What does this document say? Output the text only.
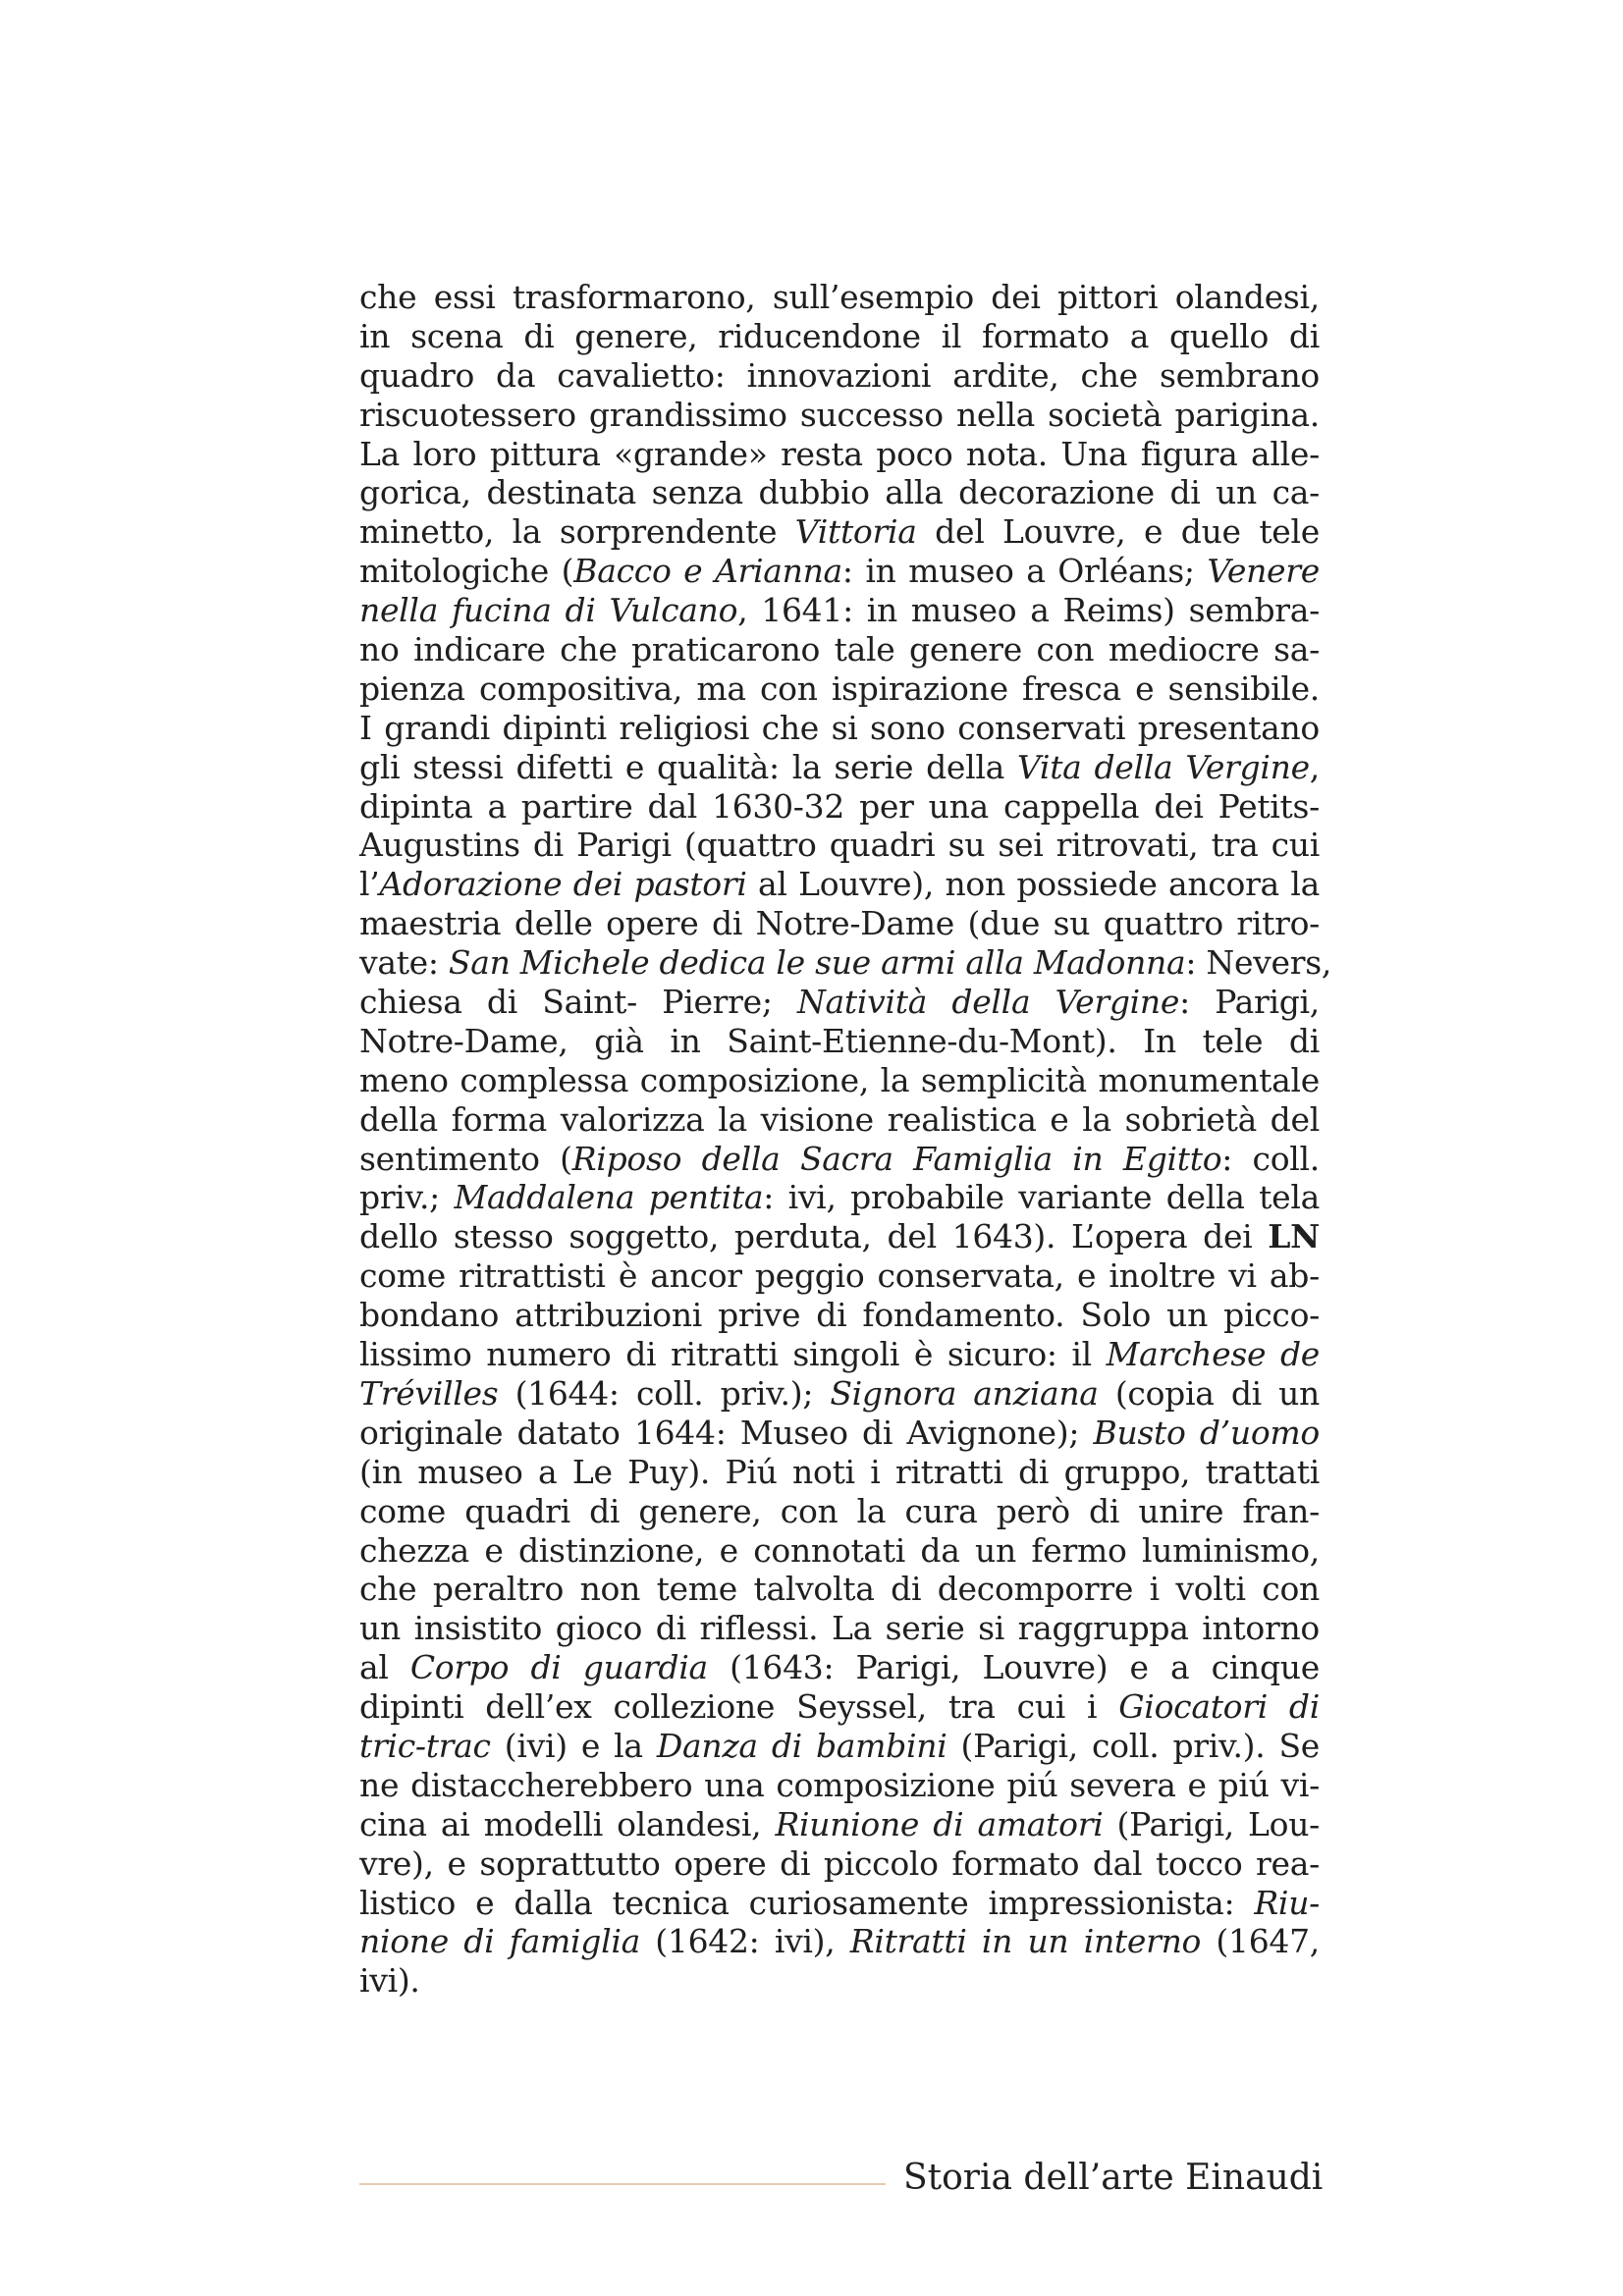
che essi trasformarono, sull’esempio dei pittori olandesi,
in scena di genere, riducendone il formato a quello di
quadro da cavalietto: innovazioni ardite, che sembrano
riscuotessero grandissimo successo nella società parigina.
La loro pittura «grande» resta poco nota. Una figura alle-
gorica, destinata senza dubbio alla decorazione di un ca-
minetto, la sorprendente Vittoria del Louvre, e due tele
mitologiche (Bacco e Arianna: in museo a Orléans; Venere
nella fucina di Vulcano, 1641: in museo a Reims) sembra-
no indicare che praticarono tale genere con mediocre sa-
pienza compositiva, ma con ispirazione fresca e sensibile.
I grandi dipinti religiosi che si sono conservati presentano
gli stessi difetti e qualità: la serie della Vita della Vergine,
dipinta a partire dal 1630-32 per una cappella dei Petits-
Augustins di Parigi (quattro quadri su sei ritrovati, tra cui
l’Adorazione dei pastori al Louvre), non possiede ancora la
maestria delle opere di Notre-Dame (due su quattro ritro-
vate: San Michele dedica le sue armi alla Madonna: Nevers,
chiesa di Saint- Pierre; Natività della Vergine: Parigi,
Notre-Dame, già in Saint-Etienne-du-Mont). In tele di
meno complessa composizione, la semplicità monumentale
della forma valorizza la visione realistica e la sobrietà del
sentimento (Riposo della Sacra Famiglia in Egitto: coll.
priv.; Maddalena pentita: ivi, probabile variante della tela
dello stesso soggetto, perduta, del 1643). L’opera dei LN
come ritrattisti è ancor peggio conservata, e inoltre vi ab-
bondano attribuzioni prive di fondamento. Solo un picco-
lissimo numero di ritratti singoli è sicuro: il Marchese de
Trévilles (1644: coll. priv.); Signora anziana (copia di un
originale datato 1644: Museo di Avignone); Busto d’uomo
(in museo a Le Puy). Piú noti i ritratti di gruppo, trattati
come quadri di genere, con la cura però di unire fran-
chezza e distinzione, e connotati da un fermo luminismo,
che peraltro non teme talvolta di decomporre i volti con
un insistito gioco di riflessi. La serie si raggruppa intorno
al Corpo di guardia (1643: Parigi, Louvre) e a cinque
dipinti dell’ex collezione Seyssel, tra cui i Giocatori di
tric-trac (ivi) e la Danza di bambini (Parigi, coll. priv.). Se
ne distaccherebbero una composizione piú severa e piú vi-
cina ai modelli olandesi, Riunione di amatori (Parigi, Lou-
vre), e soprattutto opere di piccolo formato dal tocco rea-
listico e dalla tecnica curiosamente impressionista: Riu-
nione di famiglia (1642: ivi), Ritratti in un interno (1647,
ivi).
Storia dell’arte Einaudi
